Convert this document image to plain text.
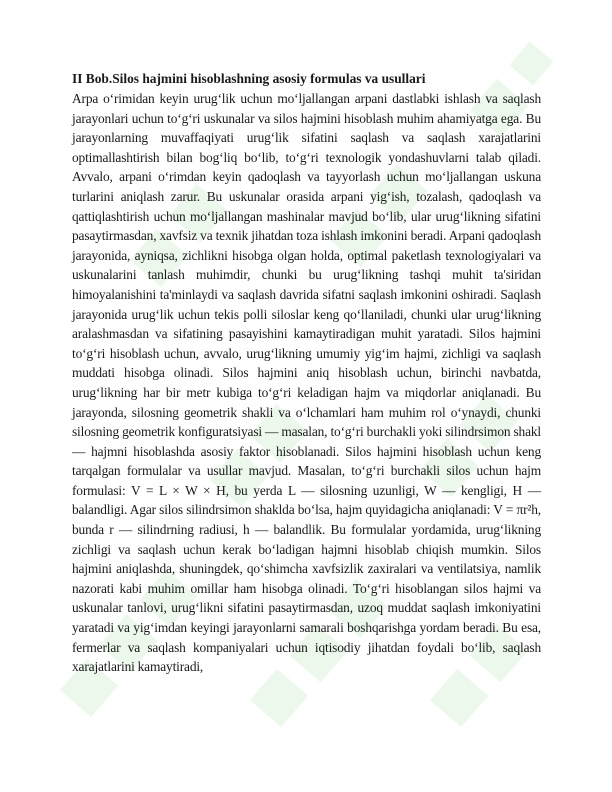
II Bob.Silos hajmini hisoblashning asosiy formulas va usullari

Arpa o‘rimidan keyin urug‘lik uchun mo‘ljallangan arpani dastlabki ishlash va saqlash jarayonlari uchun to‘g‘ri uskunalar va silos hajmini hisoblash muhim ahamiyatga ega. Bu jarayonlarning muvaffaqiyati urug‘lik sifatini saqlash va saqlash xarajatlarini optimallashtirish bilan bog‘liq bo‘lib, to‘g‘ri texnologik yondashuvlarni talab qiladi. Avvalo, arpani o‘rimdan keyin qadoqlash va tayyorlash uchun mo‘ljallangan uskuna turlarini aniqlash zarur. Bu uskunalar orasida arpani yig‘ish, tozalash, qadoqlash va qattiqlashtirish uchun mo‘ljallangan mashinalar mavjud bo‘lib, ular urug‘likning sifatini pasaytirmasdan, xavfsiz va texnik jihatdan toza ishlash imkonini beradi. Arpani qadoqlash jarayonida, ayniqsa, zichlikni hisobga olgan holda, optimal paketlash texnologiyalari va uskunalarini tanlash muhimdir, chunki bu urug‘likning tashqi muhit ta'siridan himoyalanishini ta'minlaydi va saqlash davrida sifatni saqlash imkonini oshiradi. Saqlash jarayonida urug‘lik uchun tekis polli siloslar keng qo‘llaniladi, chunki ular urug‘likning aralashmasdan va sifatining pasayishini kamaytiradigan muhit yaratadi. Silos hajmini to‘g‘ri hisoblash uchun, avvalo, urug‘likning umumiy yig‘im hajmi, zichligi va saqlash muddati hisobga olinadi. Silos hajmini aniq hisoblash uchun, birinchi navbatda, urug‘likning har bir metr kubiga to‘g‘ri keladigan hajm va miqdorlar aniqlanadi. Bu jarayonda, silosning geometrik shakli va o‘lchamlari ham muhim rol o‘ynaydi, chunki silosning geometrik konfiguratsiyasi — masalan, to‘g‘ri burchakli yoki silindrsimon shakl — hajmni hisoblashda asosiy faktor hisoblanadi. Silos hajmini hisoblash uchun keng tarqalgan formulalar va usullar mavjud. Masalan, to‘g‘ri burchakli silos uchun hajm formulasi: V = L × W × H, bu yerda L — silosning uzunligi, W — kengligi, H — balandligi. Agar silos silindrsimon shaklda bo‘lsa, hajm quyidagicha aniqlanadi: V = πr²h, bunda r — silindrning radiusi, h — balandlik. Bu formulalar yordamida, urug‘likning zichligi va saqlash uchun kerak bo‘ladigan hajmni hisoblab chiqish mumkin. Silos hajmini aniqlashda, shuningdek, qo‘shimcha xavfsizlik zaxiralari va ventilatsiya, namlik nazorati kabi muhim omillar ham hisobga olinadi. To‘g‘ri hisoblangan silos hajmi va uskunalar tanlovi, urug‘likni sifatini pasaytirmasdan, uzoq muddat saqlash imkoniyatini yaratadi va yig‘imdan keyingi jarayonlarni samarali boshqarishga yordam beradi. Bu esa, fermerlar va saqlash kompaniyalari uchun iqtisodiy jihatdan foydali bo‘lib, saqlash xarajatlarini kamaytiradi,
